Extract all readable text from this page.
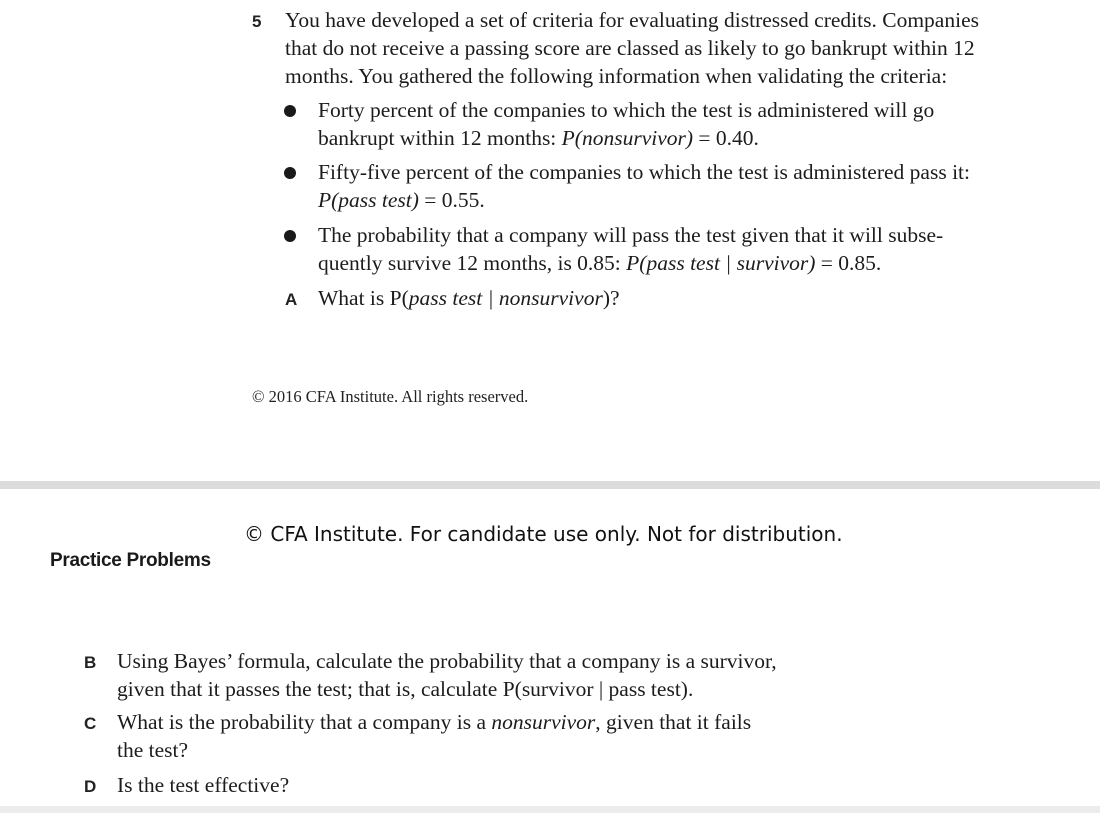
5 You have developed a set of criteria for evaluating distressed credits. Companies
that do not receive a passing score are classed as likely to go bankrupt within 12
months. You gathered the following information when validating the criteria:
Forty percent of the companies to which the test is administered will go
bankrupt within 12 months: P(nonsurvivor) = 0.40.
Fifty-five percent of the companies to which the test is administered pass it:
P(pass test) = 0.55.
The probability that a company will pass the test given that it will subse-
quently survive 12 months, is 0.85: P(pass test | survivor) = 0.85.
A What is P(pass test | nonsurvivor)?
© 2016 CFA Institute. All rights reserved.
© CFA Institute. For candidate use only. Not for distribution.
Practice Problems
B Using Bayes’ formula, calculate the probability that a company is a survivor,
given that it passes the test; that is, calculate P(survivor | pass test).
C What is the probability that a company is a nonsurvivor, given that it fails
the test?
D Is the test effective?
